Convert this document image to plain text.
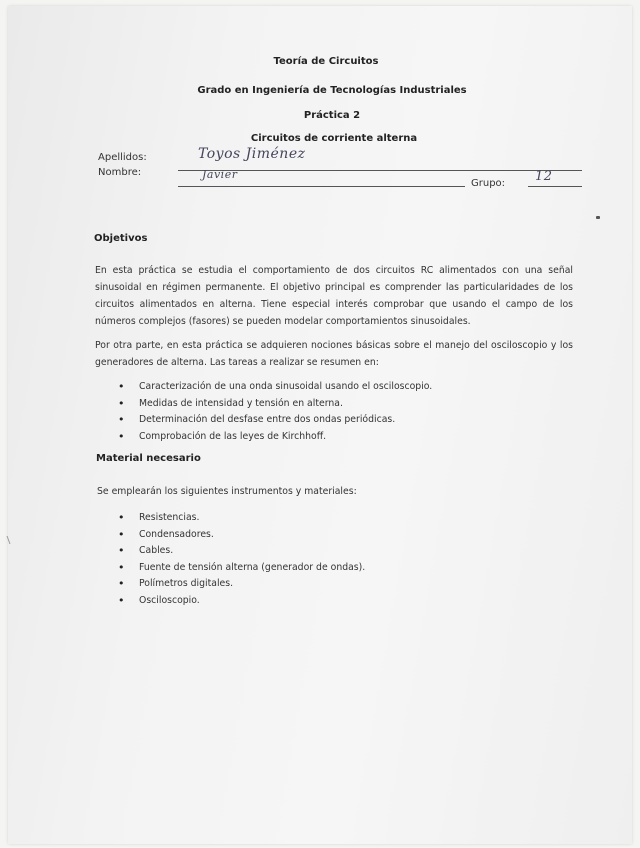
Teoría de Circuitos
Grado en Ingeniería de Tecnologías Industriales
Práctica 2
Circuitos de corriente alterna
Apellidos:	Toyos Jiménez
Nombre:	Javier
Grupo: 12
Objetivos
En esta práctica se estudia el comportamiento de dos circuitos RC alimentados con una señal sinusoidal en régimen permanente. El objetivo principal es comprender las particularidades de los circuitos alimentados en alterna. Tiene especial interés comprobar que usando el campo de los números complejos (fasores) se pueden modelar comportamientos sinusoidales.
Por otra parte, en esta práctica se adquieren nociones básicas sobre el manejo del osciloscopio y los generadores de alterna. Las tareas a realizar se resumen en:
• Caracterización de una onda sinusoidal usando el osciloscopio.
• Medidas de intensidad y tensión en alterna.
• Determinación del desfase entre dos ondas periódicas.
• Comprobación de las leyes de Kirchhoff.
Material necesario
Se emplearán los siguientes instrumentos y materiales:
• Resistencias.
• Condensadores.
• Cables.
• Fuente de tensión alterna (generador de ondas).
• Polímetros digitales.
• Osciloscopio.
